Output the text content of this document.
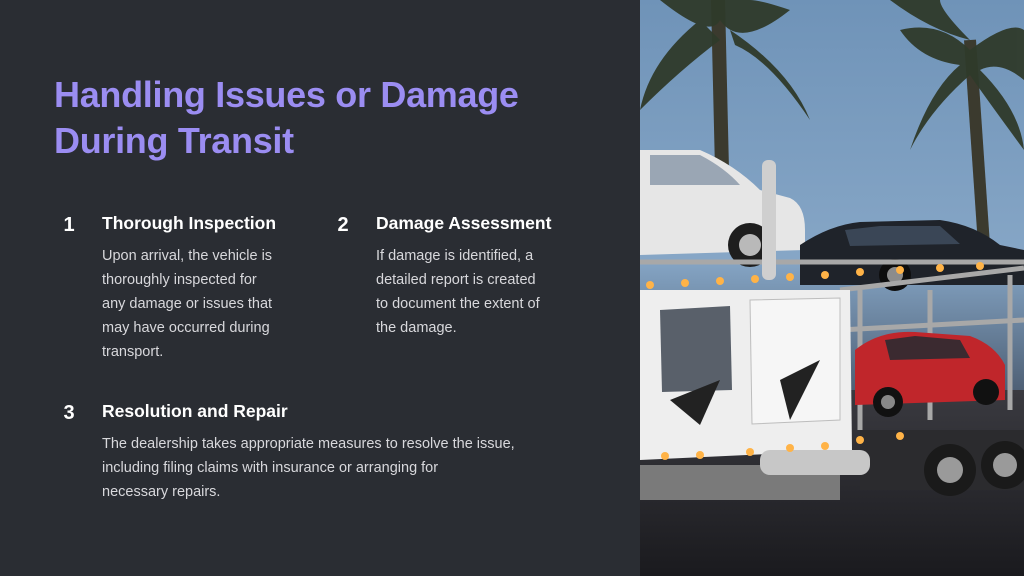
Handling Issues or Damage
During Transit
1	Thorough Inspection

Upon arrival, the vehicle is
thoroughly inspected for
any damage or issues that
may have occurred during
transport.

2	Damage Assessment

If damage is identified, a
detailed report is created
to document the extent of
the damage.

3	Resolution and Repair

The dealership takes appropriate measures to resolve the issue,
including filing claims with insurance or arranging for
necessary repairs.
